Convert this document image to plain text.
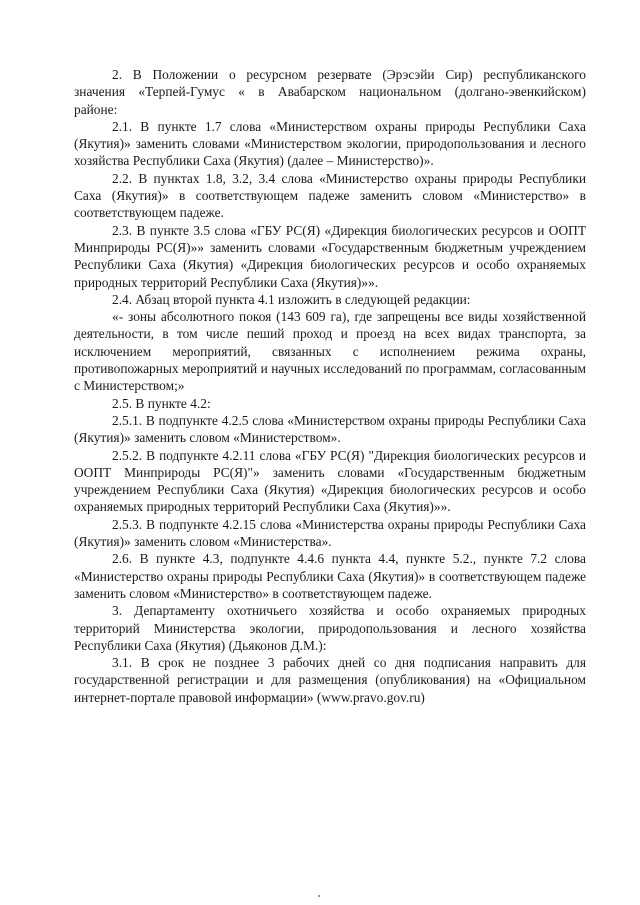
2. В Положении о ресурсном резервате (Эрэсэйи Сир) республиканского значения «Терпей-Гумус « в Авабарском национальном (долгано-эвенкийском) районе:

2.1. В пункте 1.7 слова «Министерством охраны природы Республики Саха (Якутия)» заменить словами «Министерством экологии, природопользования и лесного хозяйства Республики Саха (Якутия) (далее – Министерство)».

2.2. В пунктах 1.8, 3.2, 3.4 слова «Министерство охраны природы Республики Саха (Якутия)» в соответствующем падеже заменить словом «Министерство» в соответствующем падеже.

2.3. В пункте 3.5 слова «ГБУ РС(Я) «Дирекция биологических ресурсов и ООПТ Минприроды РС(Я)»» заменить словами «Государственным бюджетным учреждением Республики Саха (Якутия) «Дирекция биологических ресурсов и особо охраняемых природных территорий Республики Саха (Якутия)»».

2.4. Абзац второй пункта 4.1 изложить в следующей редакции:

«- зоны абсолютного покоя (143 609 га), где запрещены все виды хозяйственной деятельности, в том числе пеший проход и проезд на всех видах транспорта, за исключением мероприятий, связанных с исполнением режима охраны, противопожарных мероприятий и научных исследований по программам, согласованным с Министерством;»

2.5. В пункте 4.2:

2.5.1. В подпункте 4.2.5 слова «Министерством охраны природы Республики Саха (Якутия)» заменить словом «Министерством».

2.5.2. В подпункте 4.2.11 слова «ГБУ РС(Я) "Дирекция биологических ресурсов и ООПТ Минприроды РС(Я)"» заменить словами «Государственным бюджетным учреждением Республики Саха (Якутия) «Дирекция биологических ресурсов и особо охраняемых природных территорий Республики Саха (Якутия)»».

2.5.3. В подпункте 4.2.15 слова «Министерства охраны природы Республики Саха (Якутия)» заменить словом «Министерства».

2.6. В пункте 4.3, подпункте 4.4.6 пункта 4.4, пункте 5.2., пункте 7.2 слова «Министерство охраны природы Республики Саха (Якутия)» в соответствующем падеже заменить словом «Министерство» в соответствующем падеже.

3. Департаменту охотничьего хозяйства и особо охраняемых природных территорий Министерства экологии, природопользования и лесного хозяйства Республики Саха (Якутия) (Дьяконов Д.М.):

3.1. В срок не позднее 3 рабочих дней со дня подписания направить для государственной регистрации и для размещения (опубликования) на «Официальном интернет-портале правовой информации» (www.pravo.gov.ru)
